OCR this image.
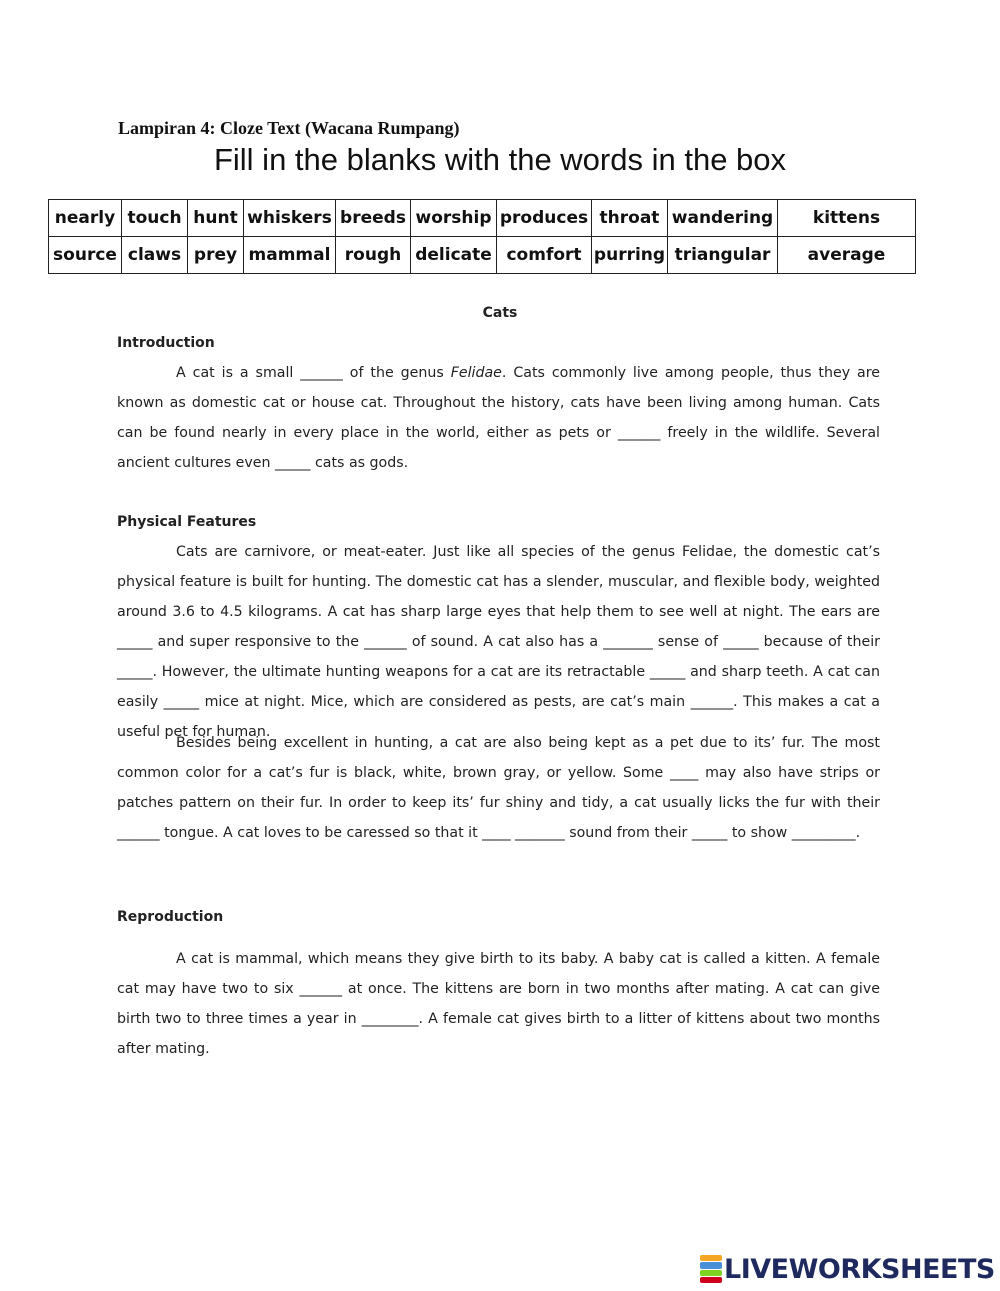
Lampiran 4: Cloze Text (Wacana Rumpang)
Fill in the blanks with the words in the box
nearly	touch	hunt	whiskers	breeds	worship	produces	throat	wandering	kittens
source	claws	prey	mammal	rough	delicate	comfort	purring	triangular	average
Cats
Introduction

A cat is a small ______ of the genus Felidae. Cats commonly live among people, thus they are known as domestic cat or house cat. Throughout the history, cats have been living among human. Cats can be found nearly in every place in the world, either as pets or ______ freely in the wildlife. Several ancient cultures even _____ cats as gods.

Physical Features

Cats are carnivore, or meat-eater. Just like all species of the genus Felidae, the domestic cat’s physical feature is built for hunting. The domestic cat has a slender, muscular, and flexible body, weighted around 3.6 to 4.5 kilograms. A cat has sharp large eyes that help them to see well at night. The ears are _____ and super responsive to the ______ of sound. A cat also has a _______ sense of _____ because of their _____. However, the ultimate hunting weapons for a cat are its retractable _____ and sharp teeth. A cat can easily _____ mice at night. Mice, which are considered as pests, are cat’s main ______. This makes a cat a useful pet for human.

Besides being excellent in hunting, a cat are also being kept as a pet due to its’ fur. The most common color for a cat’s fur is black, white, brown gray, or yellow. Some ____ may also have strips or patches pattern on their fur. In order to keep its’ fur shiny and tidy, a cat usually licks the fur with their ______ tongue. A cat loves to be caressed so that it ____ _______ sound from their _____ to show _________.

Reproduction

A cat is mammal, which means they give birth to its baby. A baby cat is called a kitten. A female cat may have two to six ______ at once. The kittens are born in two months after mating. A cat can give birth two to three times a year in ________. A female cat gives birth to a litter of kittens about two months after mating.

LIVEWORKSHEETS
